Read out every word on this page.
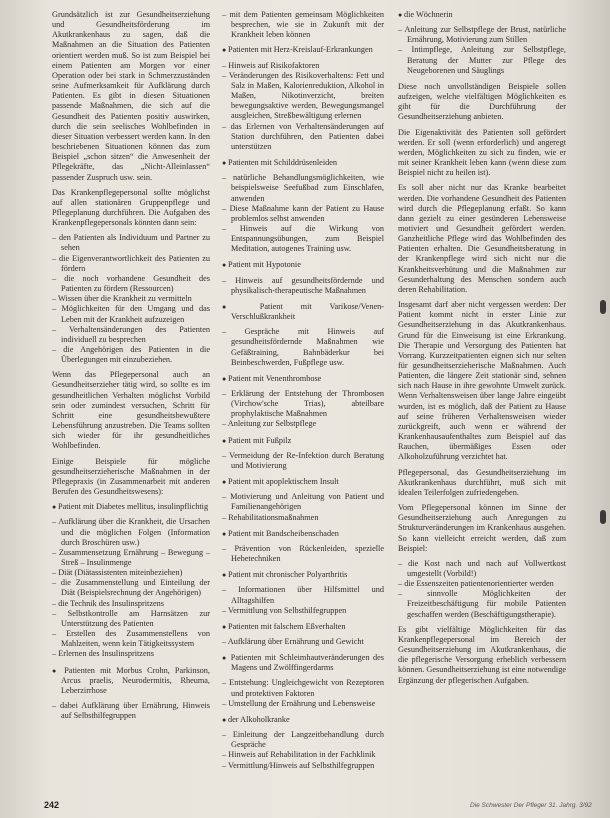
Grundsätzlich ist zur Gesundheitserziehung und Gesundheitsförderung im Akutkrankenhaus zu sagen, daß die Maßnahmen an die Situation des Patienten orientiert werden muß. So ist zum Beispiel bei einem Patienten am Morgen vor einer Operation oder bei stark in Schmerzzuständen seine Aufmerksamkeit für Aufklärung durch Patienten. Es gibt in diesen Situationen passende Maßnahmen, die sich auf die Gesundheit des Patienten positiv auswirken, durch die sein seelisches Wohlbefinden in dieser Situation verbessert werden kann. In den beschriebenen Situationen können das zum Beispiel „schon sitzen“ die Anwesenheit der Pflegekräfte, das „Nicht-Alleinlassen“ passender Zuspruch usw. sein.

Das Krankenpflegepersonal sollte möglichst auf allen stationären Gruppenpflege und Pflegeplanung durchführen. Die Aufgaben des Krankenpflegepersonals könnten dann sein:

– den Patienten als Individuum und Partner zu sehen
– die Eigenverantwortlichkeit des Patienten zu fördern
– die noch vorhandene Gesundheit des Patienten zu fördern (Ressourcen)
– Wissen über die Krankheit zu vermitteln
– Möglichkeiten für den Umgang und das Leben mit der Krankheit aufzuzeigen
– Verhaltensänderungen des Patienten individuell zu besprechen
– die Angehörigen des Patienten in die Überlegungen mit einzubeziehen.

Wenn das Pflegepersonal auch an Gesundheitserzieher tätig wird, so sollte es im gesundheitlichen Verhalten möglichst Vorbild sein oder zumindest versuchen, Schritt für Schritt eine gesundheitsbewußtere Lebensführung anzustreben. Die Teams sollten sich wieder für ihr gesundheitliches Wohlbefinden.

Einige Beispiele für mögliche gesundheitserzieherische Maßnahmen in der Pflegepraxis (in Zusammenarbeit mit anderen Berufen des Gesundheitswesens):

● Patient mit Diabetes mellitus, insulinpflichtig
– Aufklärung über die Krankheit, die Ursachen und die möglichen Folgen (Information durch Broschüren usw.)
– Zusammensetzung Ernährung – Bewegung – Streß – Insulinmenge
– Diät (Diätassistenten miteinbeziehen)
– die Zusammenstellung und Einteilung der Diät (Beispielsrechnung der Angehörigen)
– die Technik des Insulinspritzens
– Selbstkontrolle am Harnsätzen zur Unterstützung des Patienten
– Erstellen des Zusammenstellens von Mahlzeiten, wenn kein Tätigkeitssystem
– Erlernen des Insulinspritzens
● Patienten mit Morbus Crohn, Parkinson, Arcus praelis, Neurodermitis, Rheuma, Leberzirrhose
– dabei Aufklärung über Ernährung, Hinweis auf Selbsthilfegruppen
– mit dem Patienten gemeinsam Möglichkeiten besprechen, wie sie in Zukunft mit der Krankheit leben können
● Patienten mit Herz-Kreislauf-Erkrankungen
– Hinweis auf Risikofaktoren
– Veränderungen des Risikoverhaltens: Fett und Salz in Maßen, Kalorienreduktion, Alkohol in Maßen, Nikotinverzicht, breiten bewegungsaktive werden, Bewegungsmangel ausgleichen, Streßbewältigung erlernen
– das Erlernen von Verhaltensänderungen auf Station durchführen, den Patienten dabei unterstützen
● Patienten mit Schilddrüsenleiden
– natürliche Behandlungsmöglichkeiten, wie beispielsweise Seefußbad zum Einschlafen, anwenden
– Diese Maßnahme kann der Patient zu Hause problemlos selbst anwenden
– Hinweis auf die Wirkung von Entspannungsübungen, zum Beispiel Meditation, autogenes Training usw.
● Patient mit Hypotonie
– Hinweis auf gesundheitsfördernde und physikalisch-therapeutische Maßnahmen
● Patient mit Varikose/Venen-Verschlußkrankheit
– Gespräche mit Hinweis auf gesundheitsfördernde Maßnahmen wie Gefäßtraining, Bahnbäderkur bei Beinbeschwerden, Fußpflege usw.
● Patient mit Venenthrombose
– Erklärung der Entstehung der Thrombosen (Virchow'sche Trias), abteilbare prophylaktische Maßnahmen
– Anleitung zur Selbstpflege
● Patient mit Fußpilz
– Vermeidung der Re-Infektion durch Beratung und Motivierung
● Patient mit apoplektischem Insult
– Motivierung und Anleitung von Patient und Familienangehörigen
– Rehabilitationsmaßnahmen
● Patient mit Bandscheibenschaden
– Prävention von Rückenleiden, spezielle Hebetechniken
● Patient mit chronischer Polyarthritis
– Informationen über Hilfsmittel und Alltagshilfen
– Vermittlung von Selbsthilfegruppen
● Patienten mit falschem Eßverhalten
– Aufklärung über Ernährung und Gewicht
● Patienten mit Schleimhautveränderungen des Magens und Zwölffingerdarms
– Entstehung: Ungleichgewicht von Rezeptoren und protektiven Faktoren
– Umstellung der Ernährung und Lebensweise
● der Alkoholkranke
– Einleitung der Langzeitbehandlung durch Gespräche
– Hinweis auf Rehabilitation in der Fachklinik
– Vermittlung/Hinweis auf Selbsthilfegruppen
● die Wöchnerin
– Anleitung zur Selbstpflege der Brust, natürliche Ernährung, Motivierung zum Stillen
– Intimpflege, Anleitung zur Selbstpflege, Beratung der Mutter zur Pflege des Neugeborenen und Säuglings

Diese noch unvollständigen Beispiele sollen aufzeigen, welche vielfältigen Möglichkeiten es gibt für die Durchführung der Gesundheitserziehung anbieten.

Die Eigenaktivität des Patienten soll gefördert werden. Er soll (wenn erforderlich) und angeregt werden, Möglichkeiten zu sich zu finden, wie er mit seiner Krankheit leben kann (wenn diese zum Beispiel nicht zu heilen ist).

Es soll aber nicht nur das Kranke bearbeitet werden. Die vorhandene Gesundheit des Patienten wird durch die Pflegeplanung erfaßt. So kann dann gezielt zu einer gesünderen Lebensweise motiviert und Gesundheit gefördert werden. Ganzheitliche Pflege wird das Wohlbefinden des Patienten erhalten. Die Gesundheitsberatung in der Krankenpflege wird sich nicht nur die Krankheitsverhütung und die Maßnahmen zur Gesunderhaltung des Menschen sondern auch deren Rehabilitation.

Insgesamt darf aber nicht vergessen werden: Der Patient kommt nicht in erster Linie zur Gesundheitserziehung in das Akutkrankenhaus. Grund für die Einweisung ist eine Erkrankung. Die Therapie und Versorgung des Patienten hat Vorrang. Kurzzeitpatienten eignen sich nur selten für gesundheitserzieherische Maßnahmen. Auch Patienten, die längere Zeit stationär sind, sehnen sich nach Hause in ihre gewohnte Umwelt zurück. Wenn Verhaltensweisen über lange Jahre eingeübt wurden, ist es möglich, daß der Patient zu Hause auf seine früheren Verhaltensweisen wieder zurückgreift, auch wenn er während der Krankenhausaufenthaltes zum Beispiel auf das Rauchen, übermäßiges Essen oder Alkoholzuführung verzichtet hat.

Pflegepersonal, das Gesundheitserziehung im Akutkrankenhaus durchführt, muß sich mit idealen Teilerfolgen zufriedengeben.

Vom Pflegepersonal können im Sinne der Gesundheitserziehung auch Anregungen zu Strukturveränderungen im Krankenhaus ausgehen. So kann vielleicht erreicht werden, daß zum Beispiel:

– die Kost nach und nach auf Vollwertkost umgestellt (Vorbild!)
– die Essenszeiten patientenorientierter werden
– sinnvolle Möglichkeiten der Freizeitbeschäftigung für mobile Patienten geschaffen werden (Beschäftigungstherapie).

Es gibt vielfältige Möglichkeiten für das Krankenpflegepersonal im Bereich der Gesundheitserziehung im Akutkrankenhaus, die die pflegerische Versorgung erheblich verbessern können. Gesundheitserziehung ist eine notwendige Ergänzung der pflegerischen Aufgaben.

242	Die Schwester Der Pfleger 31. Jahrg. 3/92
